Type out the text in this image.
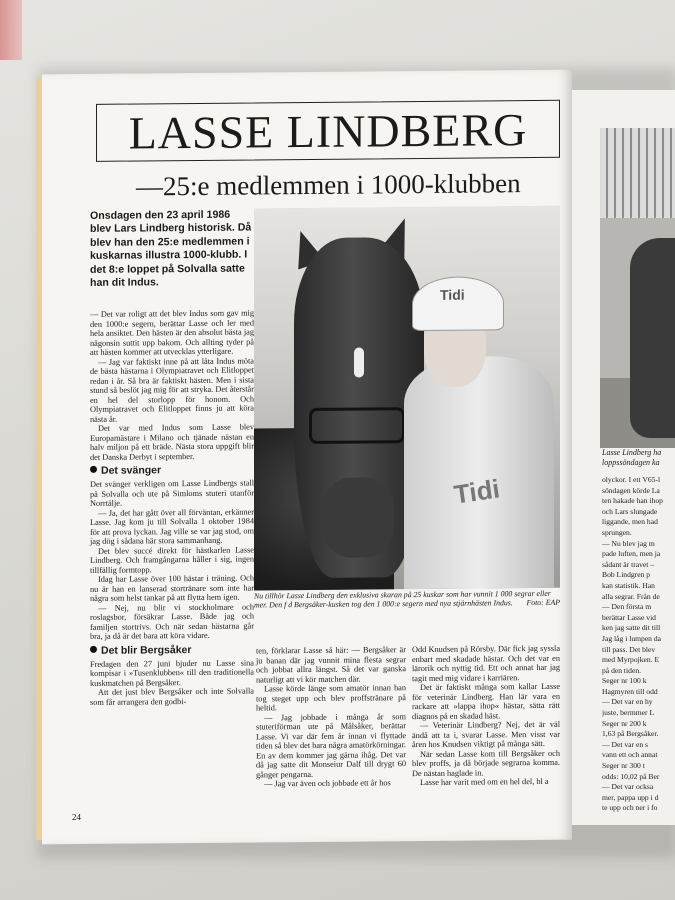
Lasse Lindberg ha loppssöndagen ka
olyckor. I ett V65-l
söndagen körde La
ten hakade han ihop
och Lars slungade
liggande, men had
sprungen.
— Nu blev jag m
pade luften, men ja
sådant är travet –
Bob Lindgren p
kan statistik. Han
alla segrar. Från de
— Den första m
berättar Lasse vid
ken jag satte dit till
Jag låg i lumpen da
till pass. Det blev
med Myrpojken. E
på den tiden.
Seger nr 100 k
Hagmyren till odd
— Det var en hy
juste, bermmer L
Seger nr 200 k
1,63 på Bergsåker.
— Det var en s
vann ett och annat
Seger nr 300 t
odds: 10,02 på Ber
— Det var ocksa
mer, pappa upp i d
te upp och ner i fo
LASSE LINDBERG
—25:e medlemmen i 1000-klubben
Onsdagen den 23 april 1986 blev Lars Lindberg historisk. Då blev han den 25:e medlemmen i kuskarnas illustra 1000-klubb. I det 8:e loppet på Solvalla satte han dit Indus.

— Det var roligt att det blev Indus som gav mig den 1000:e segern, berättar Lasse och ler med hela ansiktet. Den hästen är den absolut bästa jag någonsin suttit upp bakom. Och allting tyder på att hästen kommer att utvecklas ytterligare.

— Jag var faktiskt inne på att låta Indus möta de bästa hästarna i Olympiatravet och Elitloppet redan i år. Så bra är faktiskt hästen. Men i sista stund så beslöt jag mig för att stryka. Det återstår en hel del storlopp för honom. Och Olympiatravet och Elitloppet finns ju att köra nästa år.

Det var med Indus som Lasse blev Europamästare i Milano och tjänade nästan en halv miljon på ett bräde. Nästa stora uppgift blir det Danska Derbyt i september.

Det svänger

Det svänger verkligen om Lasse Lindbergs stall på Solvalla och ute på Simloms stuteri utanför Norrtälje.

— Ja, det har gått över all förväntan, erkänner Lasse. Jag kom ju till Solvalla 1 oktober 1984 för att prova lyckan. Jag ville se var jag stod, om jag dög i sådana här stora sammanhang.

Det blev succé direkt för hästkarlen Lasse Lindberg. Och framgångarna håller i sig, ingen tillfällig formtopp.

Idag har Lasse över 100 hästar i träning. Och nu är han en lanserad stortränare som inte har några som helst tankar på att flytta hem igen.

— Nej, nu blir vi stockholmare och roslagsbor, försäkrar Lasse. Både jag och familjen stortrivs. Och när sedan hästarna går bra, ja då är det bara att köra vidare.

Det blir Bergsåker

Fredagen den 27 juni bjuder nu Lasse sina kompisar i »Tusenklubben« till den traditionella kuskmatchen på Bergsåker.

Att det just blev Bergsåker och inte Solvalla som får arrangera den godbi-

Tidi
Tidi
Nu tillhör Lasse Lindberg den exklusiva skaran på 25 kuskar som har vunnit 1 000 segrar eller mer. Den f d Bergsåker-kusken tog den 1 000:e segern med nya stjärnhästen Indus. Foto: EAP

ten, förklarar Lasse så här: — Bergsåker är ju banan där jag vunnit mina flesta segrar och jobbat allra längst. Så det var ganska naturligt att vi kör matchen där.

Lasse körde länge som amatör innan han tog steget upp och blev proffstränare på heltid.

— Jag jobbade i många år som stuteriförman ute på Målsåker, berättar Lasse. Vi var där fem år innan vi flyttade tiden så blev det bara några amatörkörningar. En av dem kommer jag gärna ihåg. Det var då jag satte dit Monseiur Dalf till drygt 60 gånger pengarna.

— Jag var även och jobbade ett år hos

Odd Knudsen på Rörsby. Där fick jag syssla enbart med skadade hästar. Och det var en lärorik och nyttig tid. Ett och annat har jag tagit med mig vidare i karriären.

Det är faktiskt många som kallar Lasse för veterinär Lindberg. Han lär vara en rackare att »lappa ihop« hästar, sätta rätt diagnos på en skadad häst.

— Veterinär Lindberg? Nej, det är väl ändå att ta i, svarar Lasse. Men visst var åren hos Knudsen viktigt på många sätt.

När sedan Lasse kom till Bergsåker och blev proffs, ja då började segrarna komma. De nästan haglade in.

Lasse har varit med om en hel del, bl a

24
